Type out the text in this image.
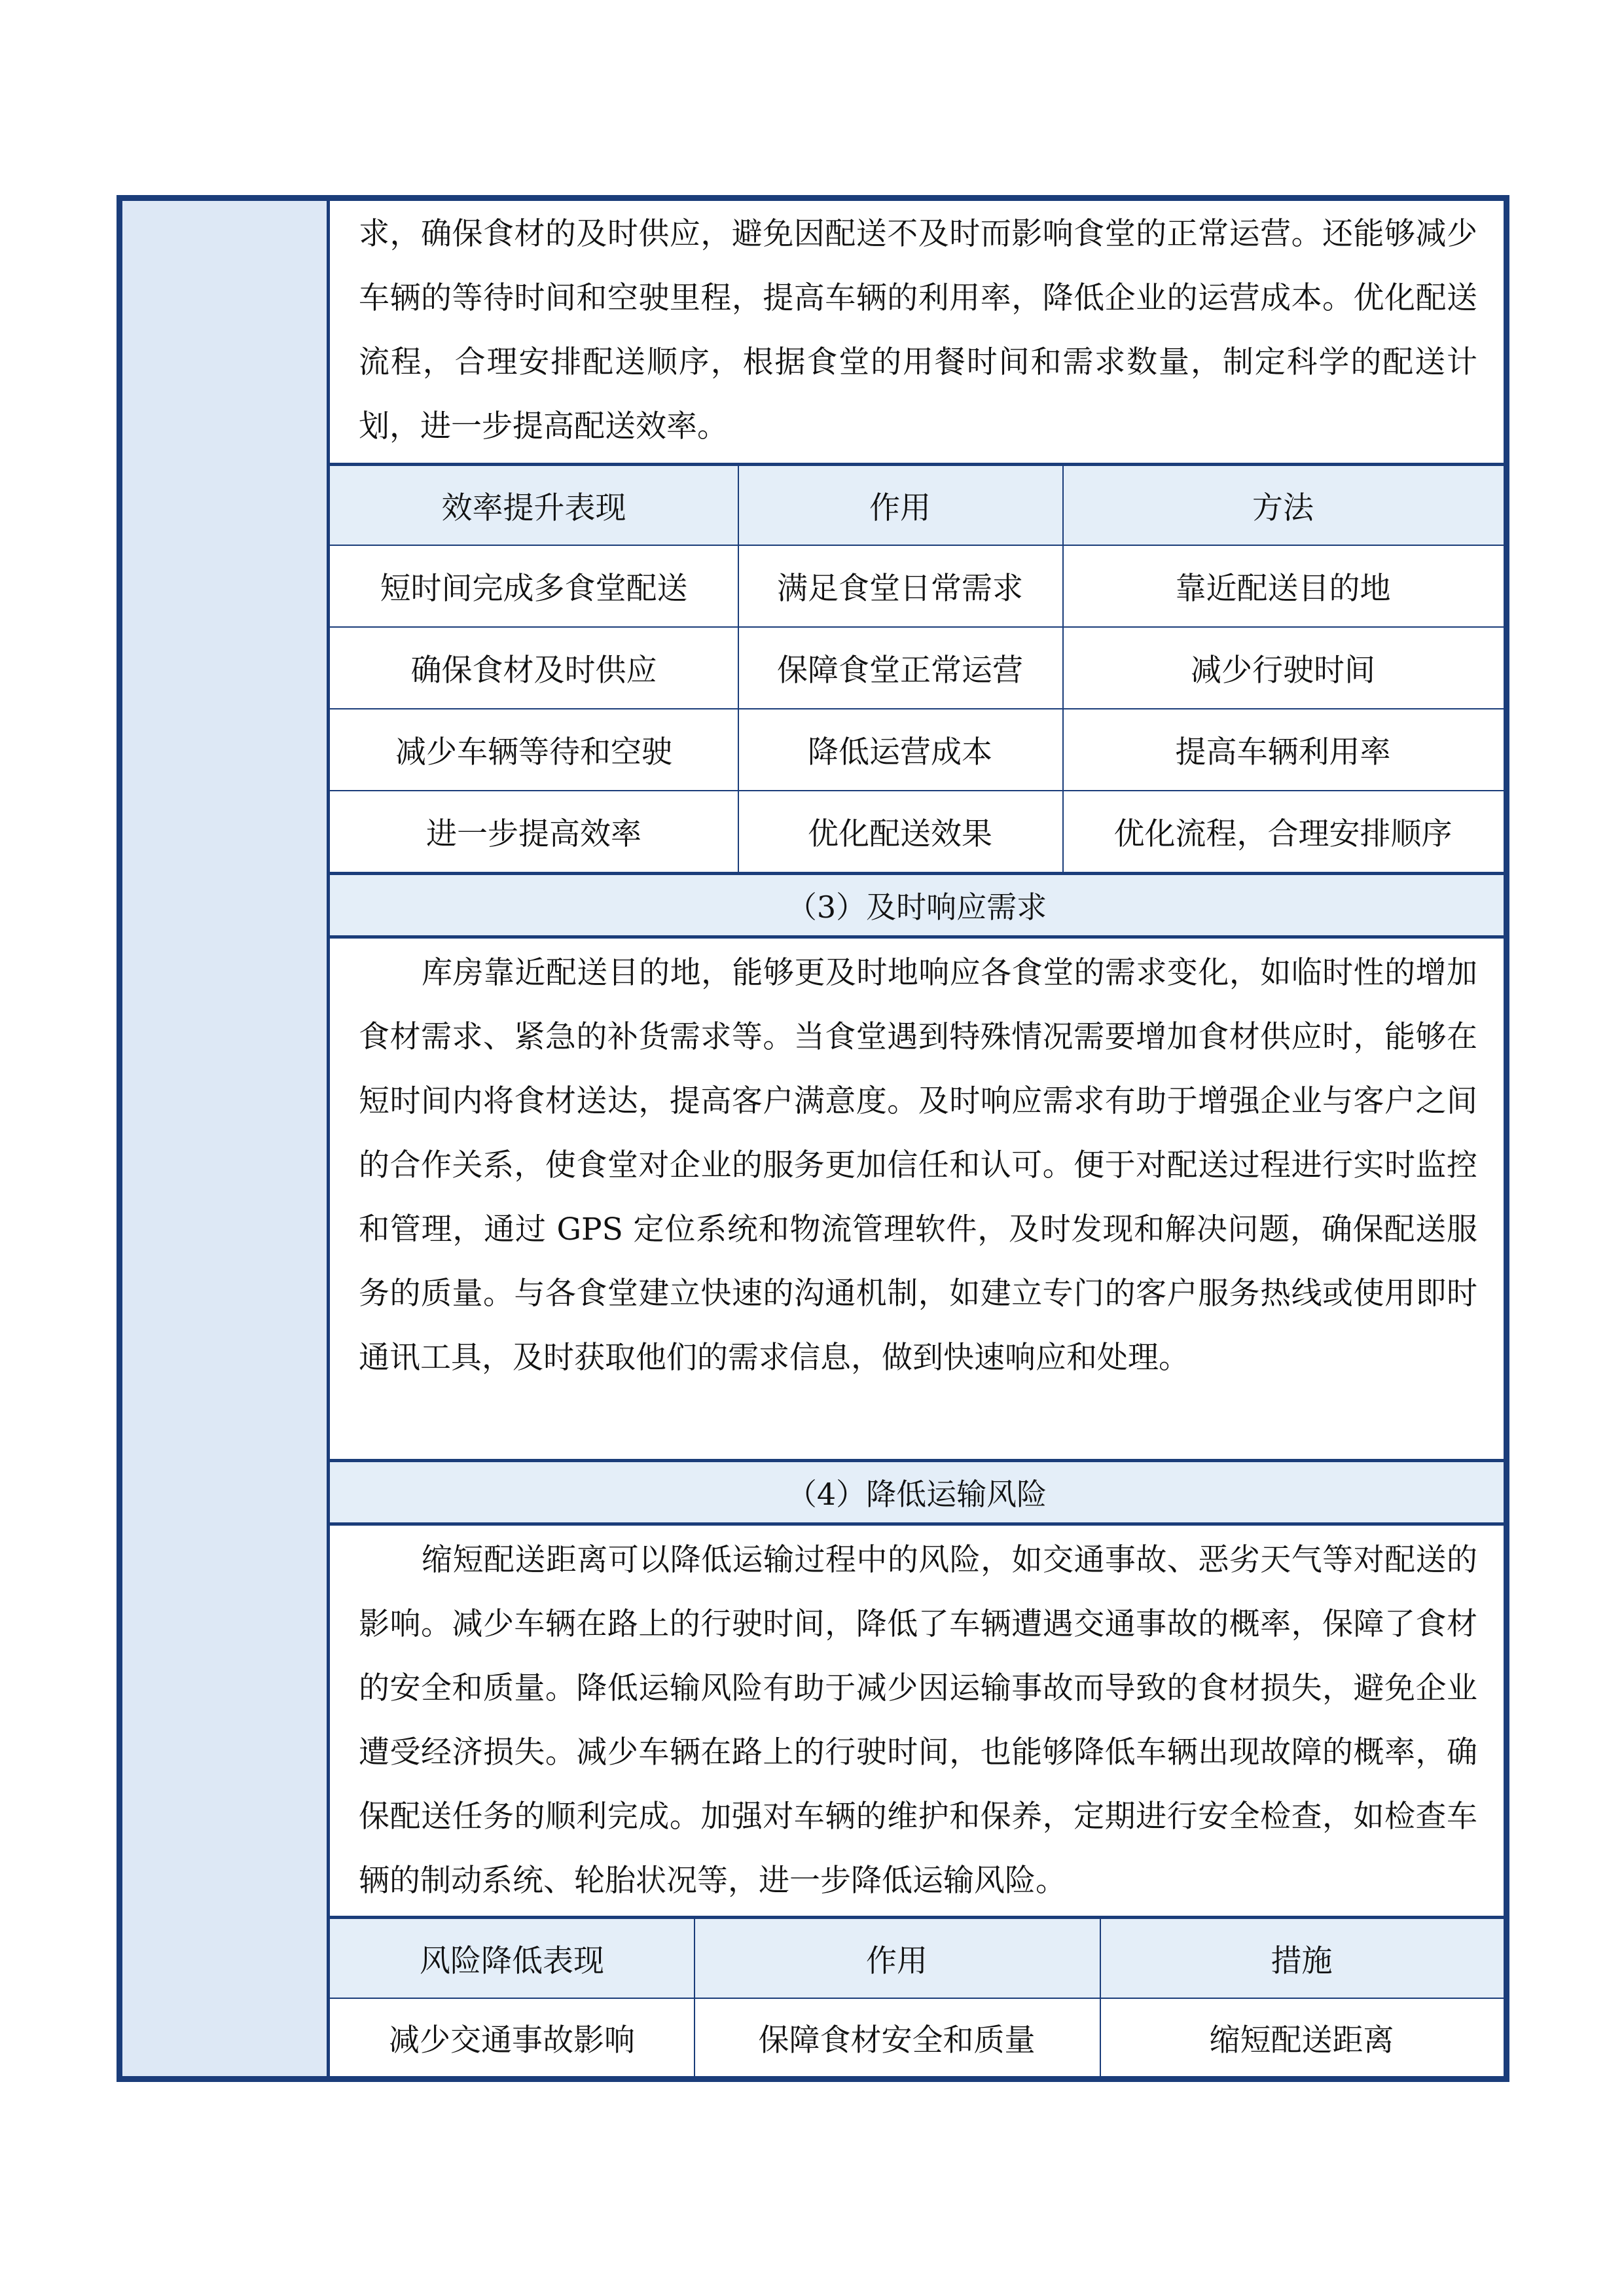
求，确保食材的及时供应，避免因配送不及时而影响食堂的正常运营。还能够减少车辆的等待时间和空驶里程，提高车辆的利用率，降低企业的运营成本。优化配送流程，合理安排配送顺序，根据食堂的用餐时间和需求数量，制定科学的配送计划，进一步提高配送效率。

效率提升表现	作用	方法
短时间完成多食堂配送	满足食堂日常需求	靠近配送目的地
确保食材及时供应	保障食堂正常运营	减少行驶时间
减少车辆等待和空驶	降低运营成本	提高车辆利用率
进一步提高效率	优化配送效果	优化流程，合理安排顺序
（3）及时响应需求

库房靠近配送目的地，能够更及时地响应各食堂的需求变化，如临时性的增加食材需求、紧急的补货需求等。当食堂遇到特殊情况需要增加食材供应时，能够在短时间内将食材送达，提高客户满意度。及时响应需求有助于增强企业与客户之间的合作关系，使食堂对企业的服务更加信任和认可。便于对配送过程进行实时监控和管理，通过 GPS 定位系统和物流管理软件，及时发现和解决问题，确保配送服务的质量。与各食堂建立快速的沟通机制，如建立专门的客户服务热线或使用即时通讯工具，及时获取他们的需求信息，做到快速响应和处理。

（4）降低运输风险

缩短配送距离可以降低运输过程中的风险，如交通事故、恶劣天气等对配送的影响。减少车辆在路上的行驶时间，降低了车辆遭遇交通事故的概率，保障了食材的安全和质量。降低运输风险有助于减少因运输事故而导致的食材损失，避免企业遭受经济损失。减少车辆在路上的行驶时间，也能够降低车辆出现故障的概率，确保配送任务的顺利完成。加强对车辆的维护和保养，定期进行安全检查，如检查车辆的制动系统、轮胎状况等，进一步降低运输风险。

风险降低表现	作用	措施
减少交通事故影响	保障食材安全和质量	缩短配送距离
